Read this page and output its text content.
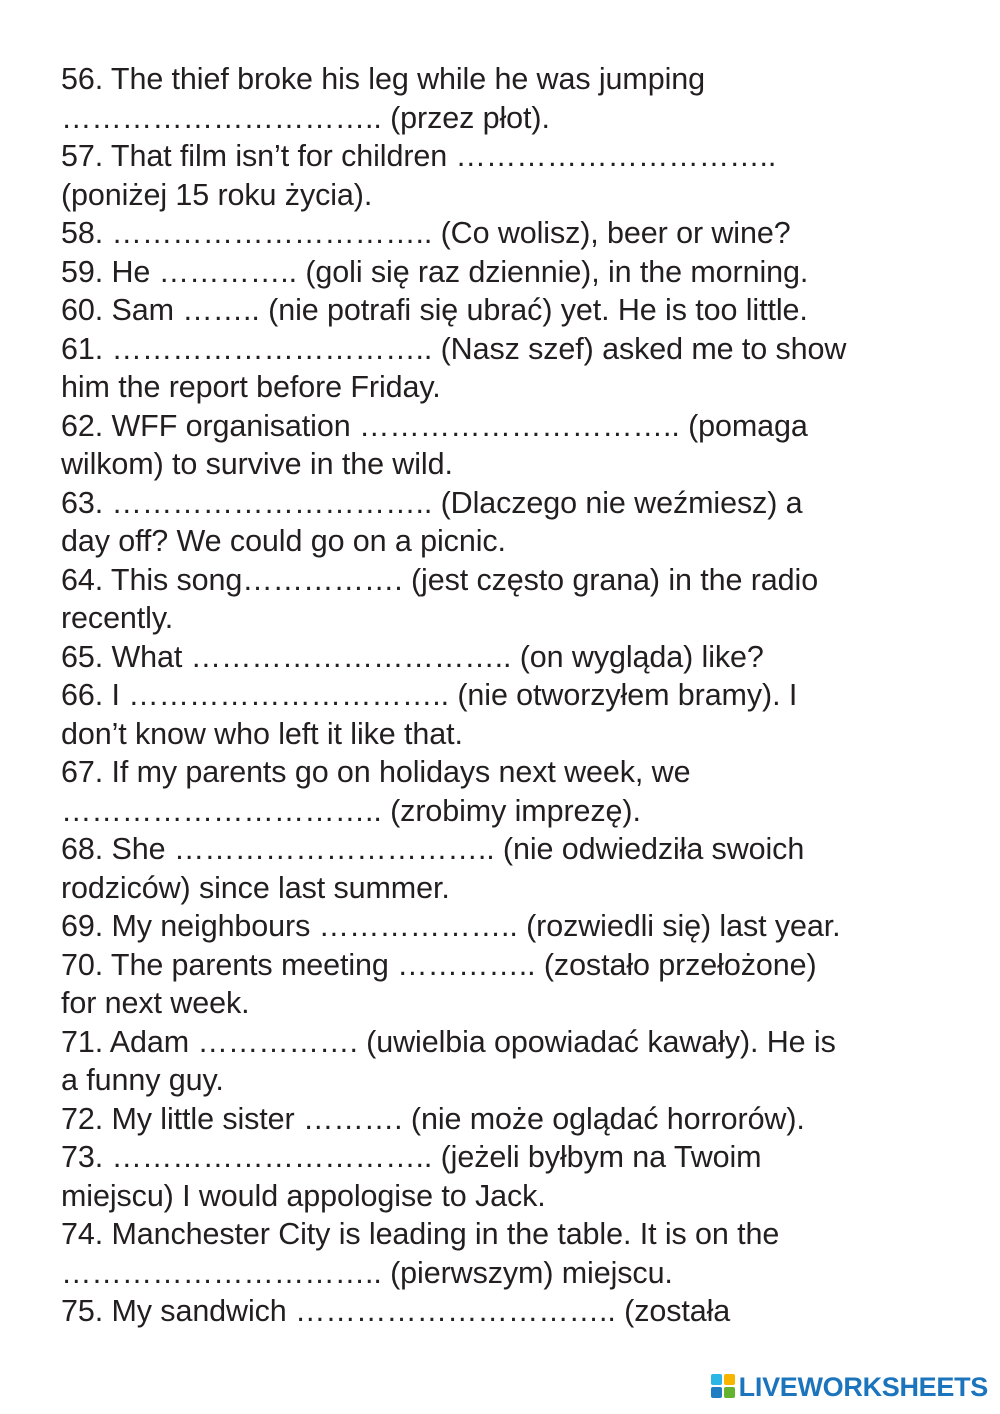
56. The thief broke his leg while he was jumping
………………………….. (przez płot).
57. That film isn’t for children …………………………..
(poniżej 15 roku życia).
58. ………………………….. (Co wolisz), beer or wine?
59. He ………….. (goli się raz dziennie), in the morning.
60. Sam …….. (nie potrafi się ubrać) yet. He is too little.
61. ………………………….. (Nasz szef) asked me to show
him the report before Friday.
62. WFF organisation ………………………….. (pomaga
wilkom) to survive in the wild.
63. ………………………….. (Dlaczego nie weźmiesz) a
day off? We could go on a picnic.
64. This song……………. (jest często grana) in the radio
recently.
65. What ………………………….. (on wygląda) like?
66. I ………………………….. (nie otworzyłem bramy). I
don’t know who left it like that.
67. If my parents go on holidays next week, we
………………………….. (zrobimy imprezę).
68. She ………………………….. (nie odwiedziła swoich
rodziców) since last summer.
69. My neighbours ……………….. (rozwiedli się) last year.
70. The parents meeting ………….. (zostało przełożone)
for next week.
71. Adam ……………. (uwielbia opowiadać kawały). He is
a funny guy.
72. My little sister ………. (nie może oglądać horrorów).
73. ………………………….. (jeżeli byłbym na Twoim
miejscu) I would appologise to Jack.
74. Manchester City is leading in the table. It is on the
………………………….. (pierwszym) miejscu.
75. My sandwich ………………………….. (została
LIVEWORKSHEETS
